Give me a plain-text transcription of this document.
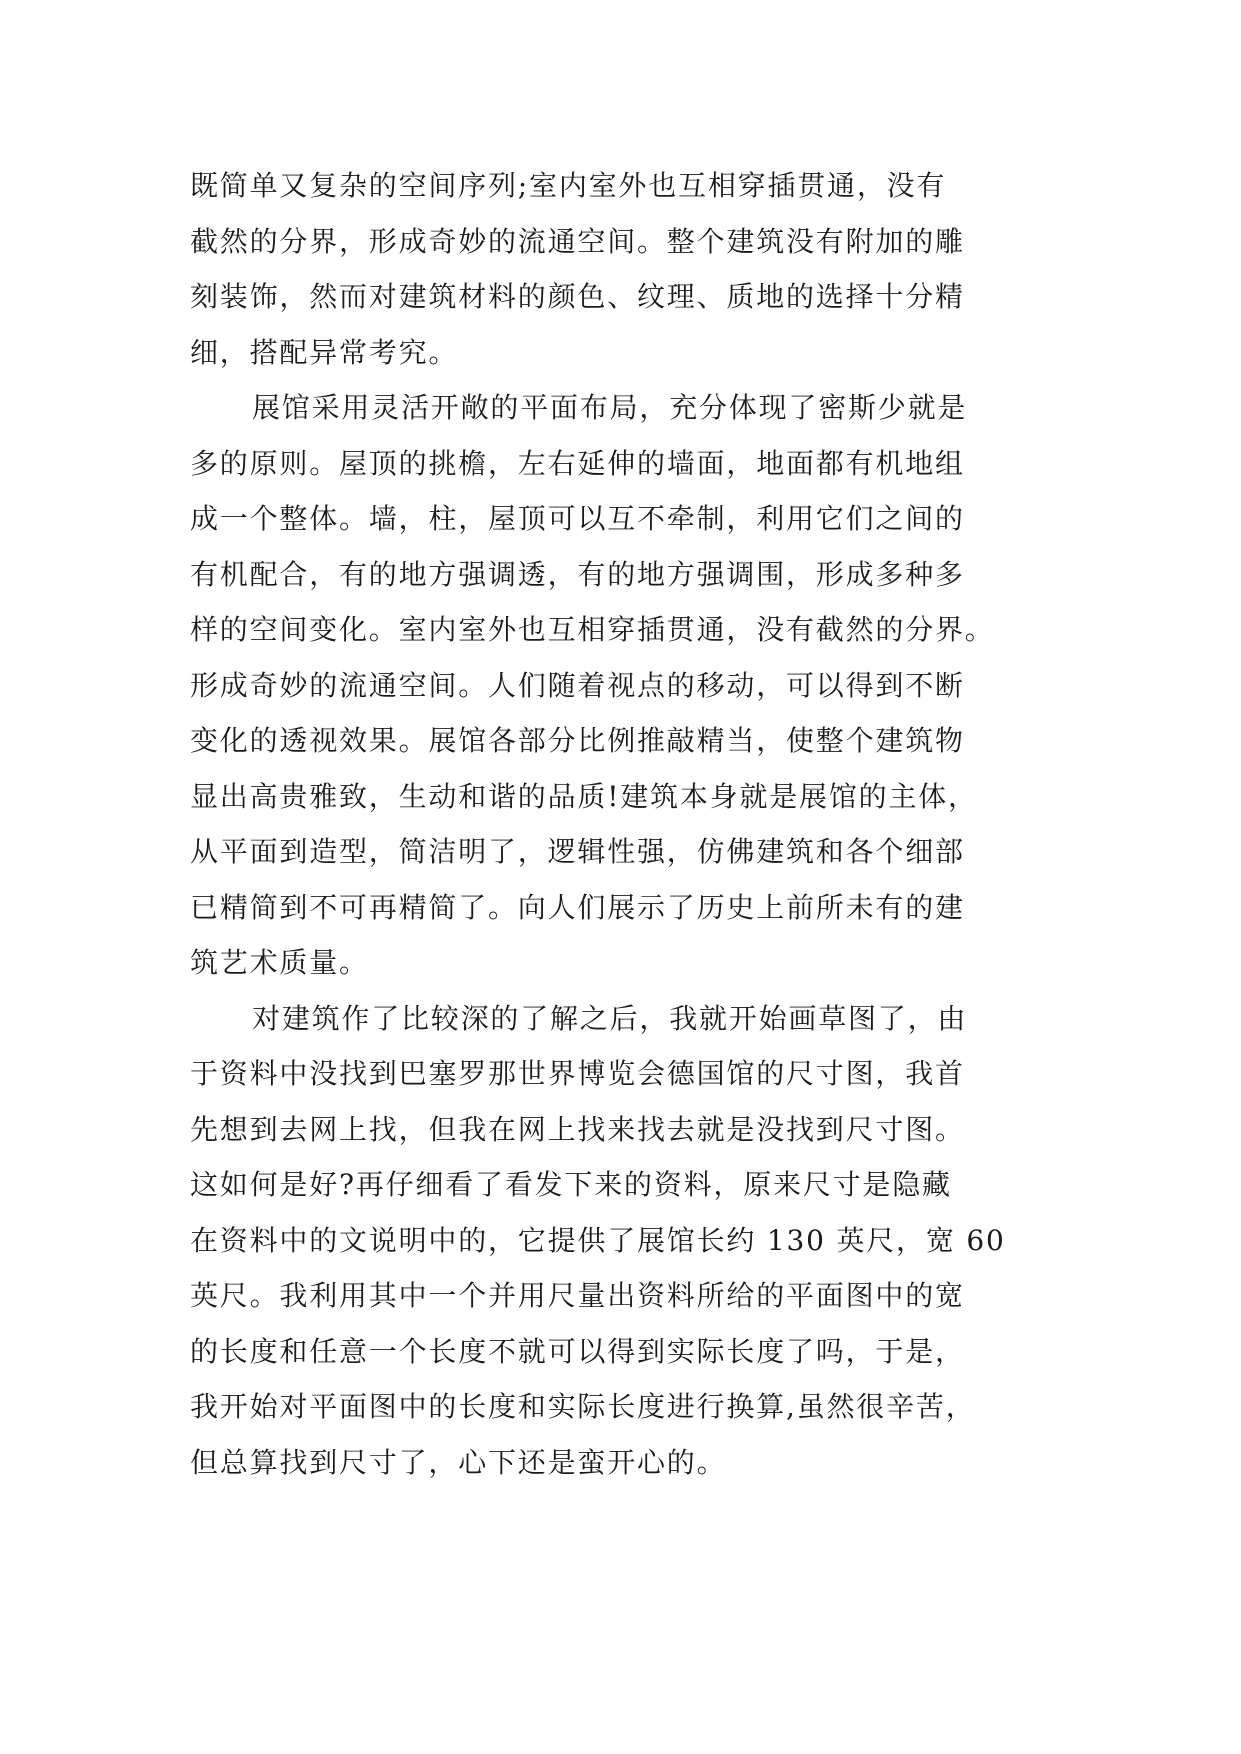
既简单又复杂的空间序列;室内室外也互相穿插贯通，没有
截然的分界，形成奇妙的流通空间。整个建筑没有附加的雕
刻装饰，然而对建筑材料的颜色、纹理、质地的选择十分精
细，搭配异常考究。
展馆采用灵活开敞的平面布局，充分体现了密斯少就是
多的原则。屋顶的挑檐，左右延伸的墙面，地面都有机地组
成一个整体。墙，柱，屋顶可以互不牵制，利用它们之间的
有机配合，有的地方强调透，有的地方强调围，形成多种多
样的空间变化。室内室外也互相穿插贯通，没有截然的分界。
形成奇妙的流通空间。人们随着视点的移动，可以得到不断
变化的透视效果。展馆各部分比例推敲精当，使整个建筑物
显出高贵雅致，生动和谐的品质!建筑本身就是展馆的主体，
从平面到造型，简洁明了，逻辑性强，仿佛建筑和各个细部
已精简到不可再精简了。向人们展示了历史上前所未有的建
筑艺术质量。
对建筑作了比较深的了解之后，我就开始画草图了，由
于资料中没找到巴塞罗那世界博览会德国馆的尺寸图，我首
先想到去网上找，但我在网上找来找去就是没找到尺寸图。
这如何是好?再仔细看了看发下来的资料，原来尺寸是隐藏
在资料中的文说明中的，它提供了展馆长约 130 英尺，宽 60
英尺。我利用其中一个并用尺量出资料所给的平面图中的宽
的长度和任意一个长度不就可以得到实际长度了吗，于是，
我开始对平面图中的长度和实际长度进行换算,虽然很辛苦，
但总算找到尺寸了，心下还是蛮开心的。
